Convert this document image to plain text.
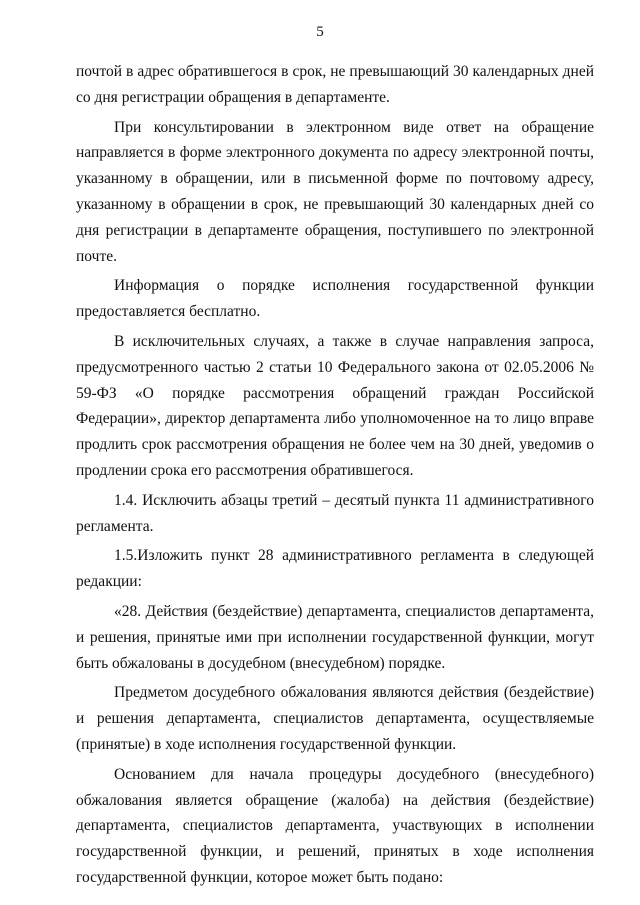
5

почтой в адрес обратившегося в срок, не превышающий 30 календарных дней со дня регистрации обращения в департаменте.

При консультировании в электронном виде ответ на обращение направляется в форме электронного документа по адресу электронной почты, указанному в обращении, или в письменной форме по почтовому адресу, указанному в обращении в срок, не превышающий 30 календарных дней со дня регистрации в департаменте обращения, поступившего по электронной почте.

Информация о порядке исполнения государственной функции предоставляется бесплатно.

В исключительных случаях, а также в случае направления запроса, предусмотренного частью 2 статьи 10 Федерального закона от 02.05.2006 № 59-ФЗ «О порядке рассмотрения обращений граждан Российской Федерации», директор департамента либо уполномоченное на то лицо вправе продлить срок рассмотрения обращения не более чем на 30 дней, уведомив о продлении срока его рассмотрения обратившегося.

1.4. Исключить абзацы третий – десятый пункта 11 административного регламента.

1.5.Изложить пункт 28 административного регламента в следующей редакции:

«28. Действия (бездействие) департамента, специалистов департамента, и решения, принятые ими при исполнении государственной функции, могут быть обжалованы в досудебном (внесудебном) порядке.

Предметом досудебного обжалования являются действия (бездействие) и решения департамента, специалистов департамента, осуществляемые (принятые) в ходе исполнения государственной функции.

Основанием для начала процедуры досудебного (внесудебного) обжалования является обращение (жалоба) на действия (бездействие) департамента, специалистов департамента, участвующих в исполнении государственной функции, и решений, принятых в ходе исполнения государственной функции, которое может быть подано:
